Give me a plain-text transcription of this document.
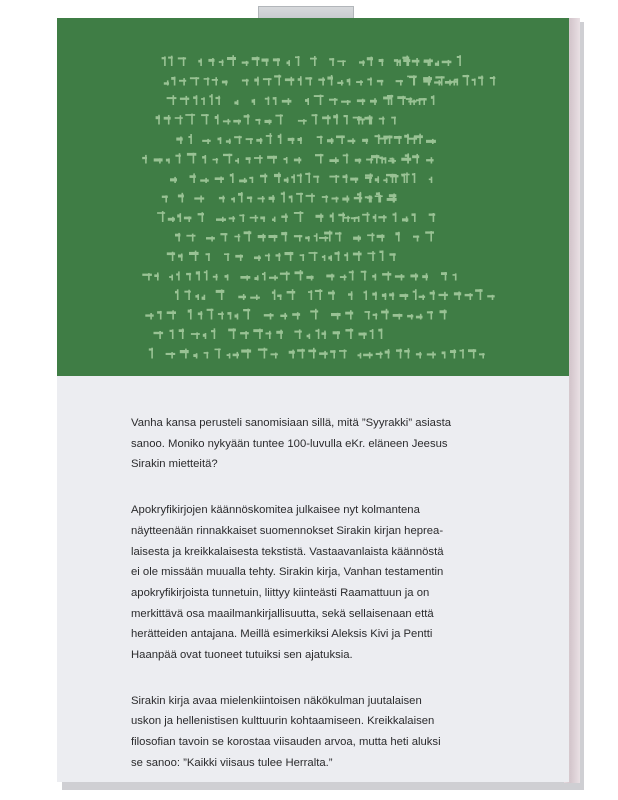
Vanha kansa perusteli sanomisiaan sillä, mitä ”Syyrakki” asiasta
sanoo. Moniko nykyään tuntee 100-luvulla eKr. eläneen Jeesus
Sirakin mietteitä?

Apokryfikirjojen käännöskomitea julkaisee nyt kolmantena
näytteenään rinnakkaiset suomennokset Sirakin kirjan heprea-
laisesta ja kreikkalaisesta tekstistä. Vastaavanlaista käännöstä
ei ole missään muualla tehty. Sirakin kirja, Vanhan testamentin
apokryfikirjoista tunnetuin, liittyy kiinteästi Raamattuun ja on
merkittävä osa maailmankirjallisuutta, sekä sellaisenaan että
herätteiden antajana. Meillä esimerkiksi Aleksis Kivi ja Pentti
Haanpää ovat tuoneet tutuiksi sen ajatuksia.

Sirakin kirja avaa mielenkiintoisen näkökulman juutalaisen
uskon ja hellenistisen kulttuurin kohtaamiseen. Kreikkalaisen
filosofian tavoin se korostaa viisauden arvoa, mutta heti aluksi
se sanoo: ”Kaikki viisaus tulee Herralta.”
